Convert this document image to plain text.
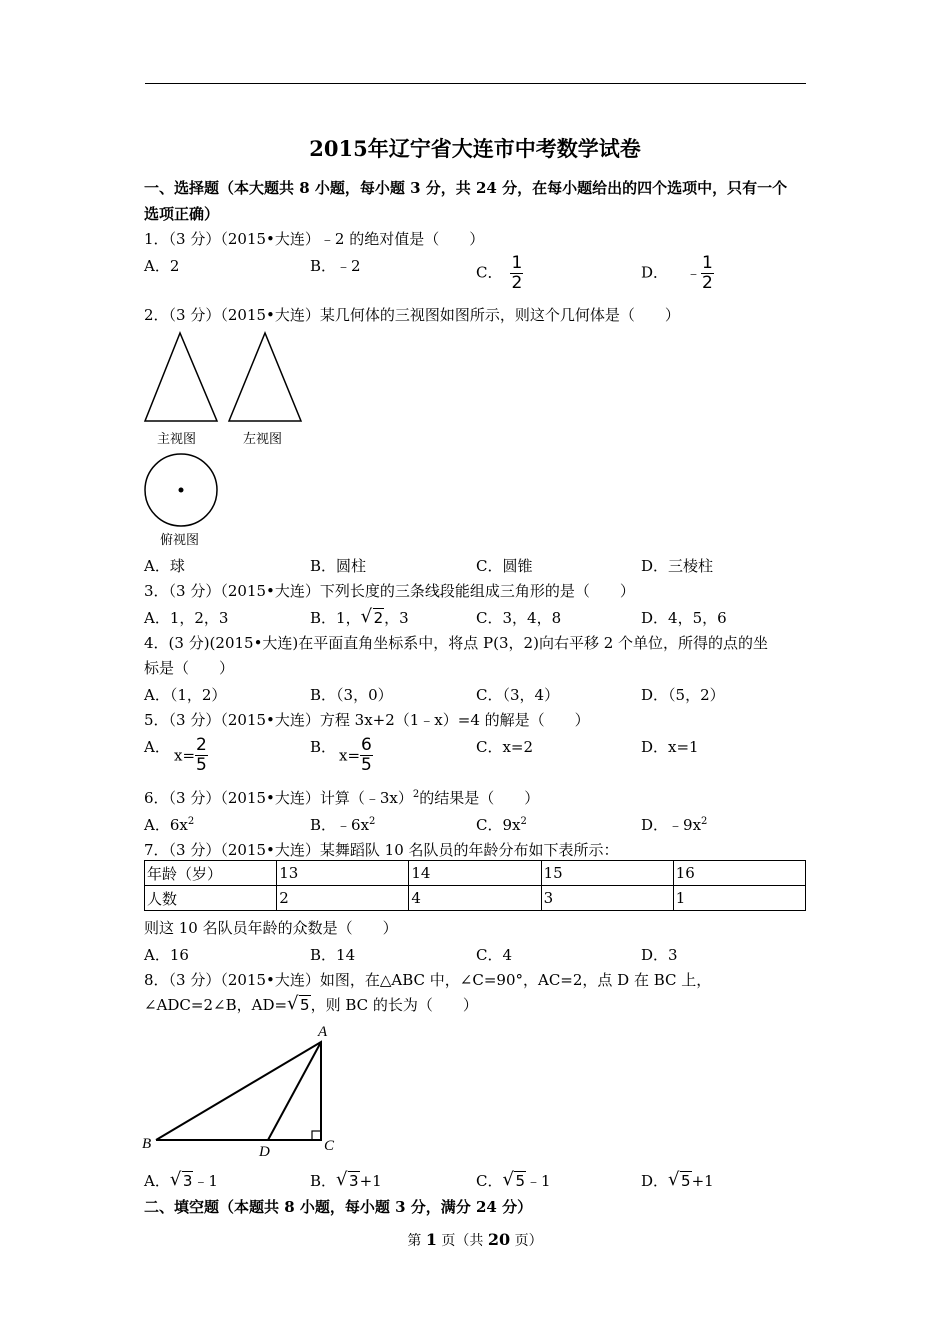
2015年辽宁省大连市中考数学试卷
一、选择题（本大题共 8 小题，每小题 3 分，共 24 分，在每小题给出的四个选项中，只有一个
选项正确）
1．（3 分）（2015•大连）﹣2 的绝对值是（　　）
A．2	B．﹣2	C． $\frac{1}{2}$	D． ﹣ $\frac{1}{2}$
2．（3 分）（2015•大连）某几何体的三视图如图所示，则这个几何体是（　　）
主视图	左视图
俯视图
A．球	B．圆柱	C．圆锥	D．三棱柱
3．（3 分）（2015•大连）下列长度的三条线段能组成三角形的是（　　）
A．1，2，3	B．1， √ 2，3	C．3，4，8	D．4，5，6
4．(3 分)(2015•大连)在平面直角坐标系中，将点 P(3，2)向右平移 2 个单位，所得的点的坐
标是（　　）
A．（1，2）	B．（3，0）	C．（3，4）	D．（5，2）
5．（3 分）（2015•大连）方程 3x+2（1﹣x）=4 的解是（　　）
A． $x= \frac{2}{5}$	B． $x= \frac{6}{5}$	C．x=2	D．x=1
6．（3 分）（2015•大连）计算（﹣3x）$^2$的结果是（　　）
A．$6x^2$	B．$﹣6x^2$	C．$9x^2$	D．$﹣9x^2$
7．（3 分）（2015•大连）某舞蹈队 10 名队员的年龄分布如下表所示：
年龄（岁）	13	14	15	16
人数	2	4	3	1
则这 10 名队员年龄的众数是（　　）
A．16	B．14	C．4	D．3
8．（3 分）（2015•大连）如图，在△ABC 中，∠C=90°，AC=2，点 D 在 BC 上，
∠ADC=2∠B，AD= √ 5，则 BC 的长为（　　）
A
B	C
D
A． √ 3﹣1	B． √ 3+1	C． √ 5﹣1	D． √ 5+1
二、填空题（本题共 8 小题，每小题 3 分，满分 24 分）
第 1 页（共 20 页）
